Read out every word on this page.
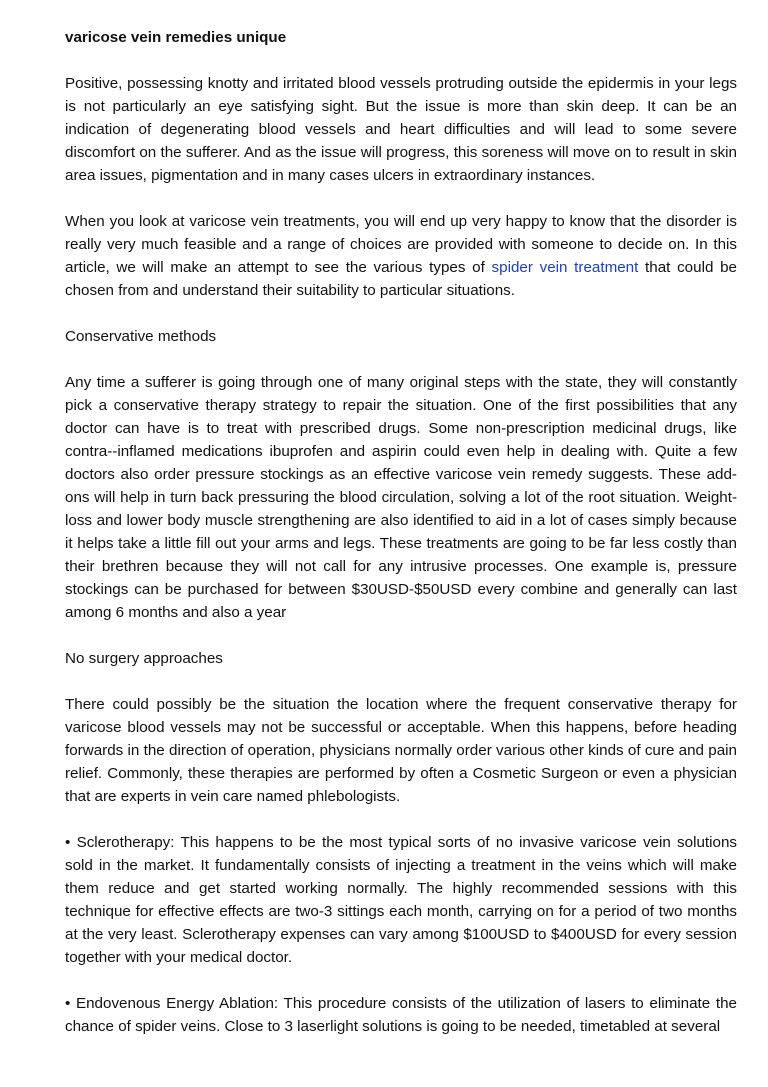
varicose vein remedies unique
Positive, possessing knotty and irritated blood vessels protruding outside the epidermis in your legs is not particularly an eye satisfying sight. But the issue is more than skin deep. It can be an indication of degenerating blood vessels and heart difficulties and will lead to some severe discomfort on the sufferer. And as the issue will progress, this soreness will move on to result in skin area issues, pigmentation and in many cases ulcers in extraordinary instances.
When you look at varicose vein treatments, you will end up very happy to know that the disorder is really very much feasible and a range of choices are provided with someone to decide on. In this article, we will make an attempt to see the various types of spider vein treatment that could be chosen from and understand their suitability to particular situations.
Conservative methods
Any time a sufferer is going through one of many original steps with the state, they will constantly pick a conservative therapy strategy to repair the situation. One of the first possibilities that any doctor can have is to treat with prescribed drugs. Some non-prescription medicinal drugs, like contra--inflamed medications ibuprofen and aspirin could even help in dealing with. Quite a few doctors also order pressure stockings as an effective varicose vein remedy suggests. These add-ons will help in turn back pressuring the blood circulation, solving a lot of the root situation. Weight-loss and lower body muscle strengthening are also identified to aid in a lot of cases simply because it helps take a little fill out your arms and legs. These treatments are going to be far less costly than their brethren because they will not call for any intrusive processes. One example is, pressure stockings can be purchased for between $30USD-$50USD every combine and generally can last among 6 months and also a year
No surgery approaches
There could possibly be the situation the location where the frequent conservative therapy for varicose blood vessels may not be successful or acceptable. When this happens, before heading forwards in the direction of operation, physicians normally order various other kinds of cure and pain relief. Commonly, these therapies are performed by often a Cosmetic Surgeon or even a physician that are experts in vein care named phlebologists.
• Sclerotherapy: This happens to be the most typical sorts of no invasive varicose vein solutions sold in the market. It fundamentally consists of injecting a treatment in the veins which will make them reduce and get started working normally. The highly recommended sessions with this technique for effective effects are two-3 sittings each month, carrying on for a period of two months at the very least. Sclerotherapy expenses can vary among $100USD to $400USD for every session together with your medical doctor.
• Endovenous Energy Ablation: This procedure consists of the utilization of lasers to eliminate the chance of spider veins. Close to 3 laserlight solutions is going to be needed, timetabled at several
